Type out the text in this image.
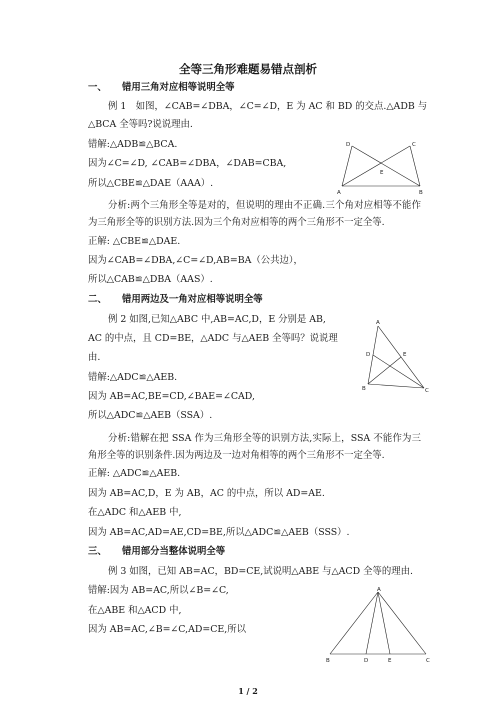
全等三角形难题易错点剖析
一、 错用三角对应相等说明全等
例 1　如图，∠CAB=∠DBA，∠C=∠D，E 为 AC 和 BD 的交点.△ADB 与
△BCA 全等吗?说说理由.
错解:△ADB≌△BCA.
因为∠C=∠D, ∠CAB=∠DBA，∠DAB=CBA,
所以△CBE≌△DAE（AAA）.
分析:两个三角形全等是对的，但说明的理由不正确.三个角对应相等不能作为三角形全等的识别方法.因为三个角对应相等的两个三角形不一定全等.
正解: △CBE≌△DAE.
因为∠CAB=∠DBA,∠C=∠D,AB=BA（公共边），
所以△CAB≌△DBA（AAS）.
D	C
E
A	B
二、 错用两边及一角对应相等说明全等
例 2 如图,已知△ABC 中,AB=AC,D，E 分别是 AB,
AC 的中点，且 CD=BE，△ADC 与△AEB 全等吗？说说理
由.
错解:△ADC≌△AEB.
因为 AB=AC,BE=CD,∠BAE=∠CAD,
所以△ADC≌△AEB（SSA）.
分析:错解在把 SSA 作为三角形全等的识别方法,实际上，SSA 不能作为三角形全等的识别条件.因为两边及一边对角相等的两个三角形不一定全等.
正解: △ADC≌△AEB.
因为 AB=AC,D，E 为 AB，AC 的中点，所以 AD=AE.
在△ADC 和△AEB 中,
因为 AB=AC,AD=AE,CD=BE,所以△ADC≌△AEB（SSS）.
A
D	E
B	C
三、 错用部分当整体说明全等
例 3 如图，已知 AB=AC，BD=CE,试说明△ABE 与△ACD 全等的理由.
错解:因为 AB=AC,所以∠B=∠C,
在△ABE 和△ACD 中,
因为 AB=AC,∠B=∠C,AD=CE,所以
A
B	D	E	C
1 / 2
